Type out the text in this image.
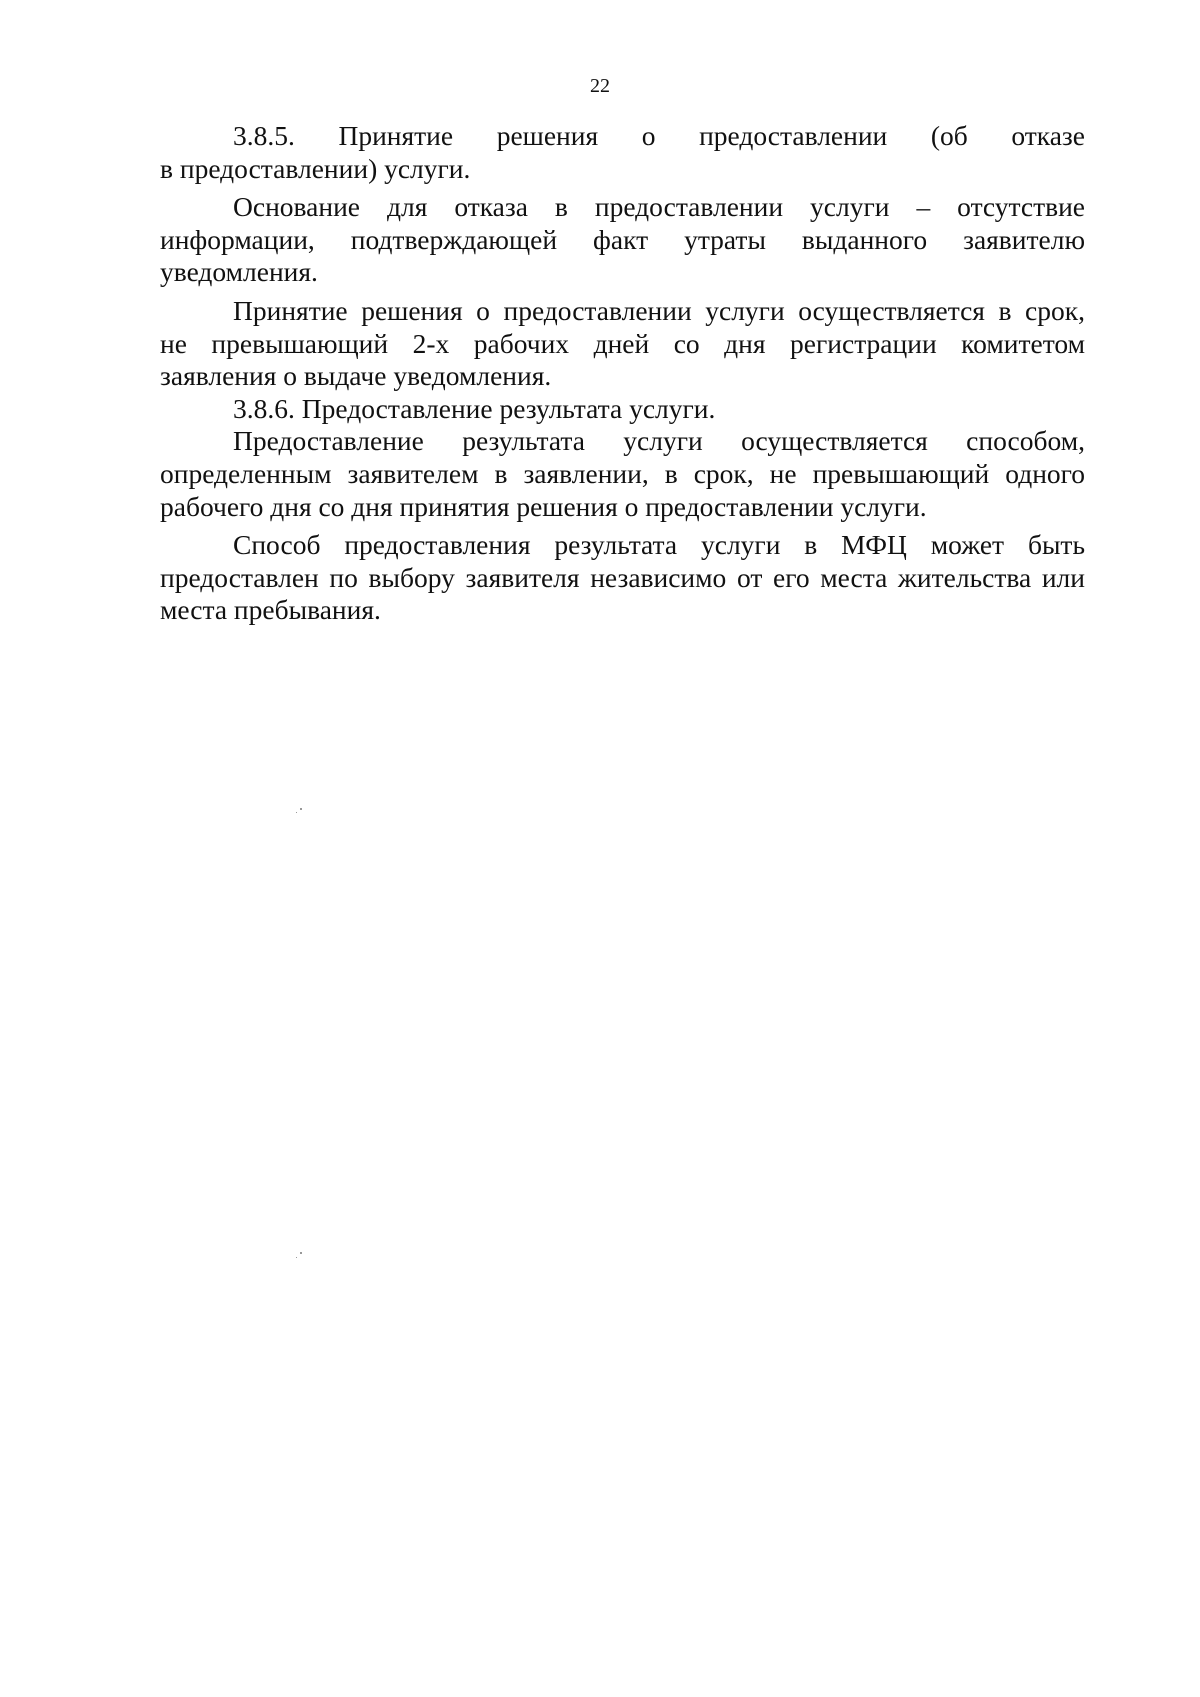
22

3.8.5. Принятие решения о предоставлении (об отказе
в предоставлении) услуги.

Основание для отказа в предоставлении услуги – отсутствие
информации, подтверждающей факт утраты выданного заявителю
уведомления.

Принятие решения о предоставлении услуги осуществляется в срок,
не превышающий 2-х рабочих дней со дня регистрации комитетом
заявления о выдаче уведомления.

3.8.6. Предоставление результата услуги.

Предоставление результата услуги осуществляется способом,
определенным заявителем в заявлении, в срок, не превышающий одного
рабочего дня со дня принятия решения о предоставлении услуги.

Способ предоставления результата услуги в МФЦ может быть
предоставлен по выбору заявителя независимо от его места жительства или
места пребывания.
